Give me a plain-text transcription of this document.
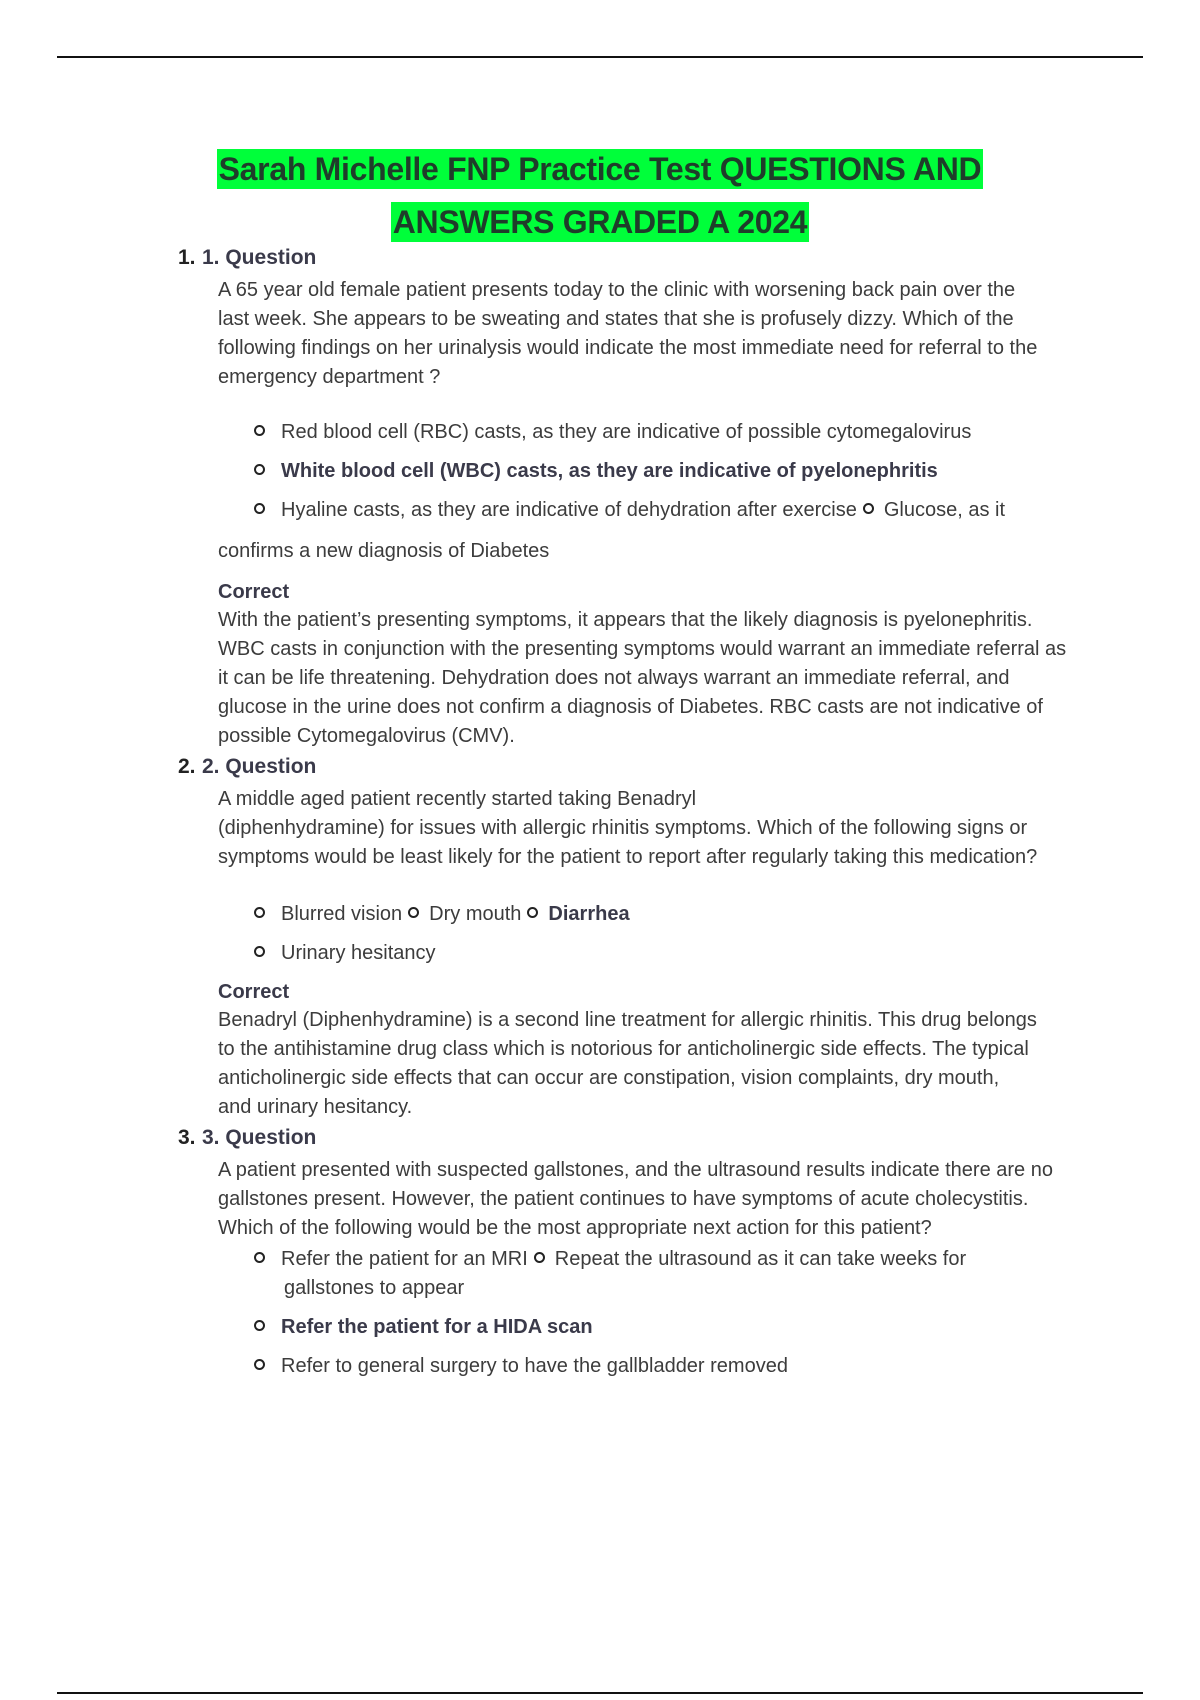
Sarah Michelle FNP Practice Test QUESTIONS AND
ANSWERS GRADED A 2024
1. 1. Question
A 65 year old female patient presents today to the clinic with worsening back pain over the last week. She appears to be sweating and states that she is profusely dizzy. Which of the following findings on her urinalysis would indicate the most immediate need for referral to the emergency department ?
Red blood cell (RBC) casts, as they are indicative of possible cytomegalovirus
White blood cell (WBC) casts, as they are indicative of pyelonephritis
Hyaline casts, as they are indicative of dehydration after exercise Glucose, as it
confirms a new diagnosis of Diabetes
Correct
With the patient’s presenting symptoms, it appears that the likely diagnosis is pyelonephritis. WBC casts in conjunction with the presenting symptoms would warrant an immediate referral as it can be life threatening. Dehydration does not always warrant an immediate referral, and glucose in the urine does not confirm a diagnosis of Diabetes. RBC casts are not indicative of possible Cytomegalovirus (CMV).
2. 2. Question
A middle aged patient recently started taking Benadryl
(diphenhydramine) for issues with allergic rhinitis symptoms. Which of the following signs or symptoms would be least likely for the patient to report after regularly taking this medication?
Blurred vision Dry mouth Diarrhea
Urinary hesitancy
Correct
Benadryl (Diphenhydramine) is a second line treatment for allergic rhinitis. This drug belongs to the antihistamine drug class which is notorious for anticholinergic side effects. The typical anticholinergic side effects that can occur are constipation, vision complaints, dry mouth, and urinary hesitancy.
3. 3. Question
A patient presented with suspected gallstones, and the ultrasound results indicate there are no gallstones present. However, the patient continues to have symptoms of acute cholecystitis. Which of the following would be the most appropriate next action for this patient?
Refer the patient for an MRI Repeat the ultrasound as it can take weeks for
gallstones to appear
Refer the patient for a HIDA scan
Refer to general surgery to have the gallbladder removed
